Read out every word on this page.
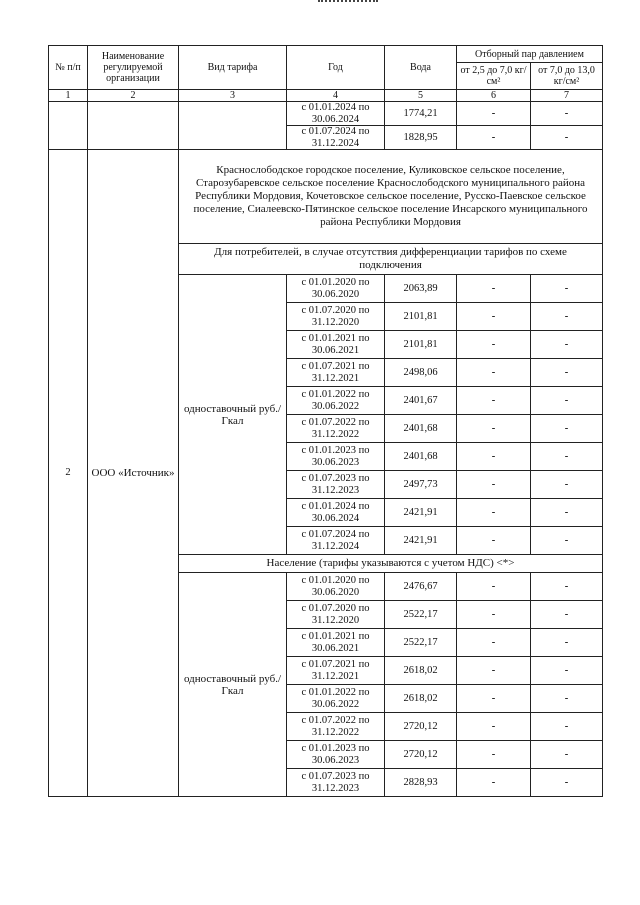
№ п/п	Наименование регулируемой организации	Вид тарифа	Год	Вода	Отборный пар давлением	
					от 2,5 до 7,0 кг/см²	от 7,0 до 13,0 кг/см²
1	2	3	4	5	6	7
			с 01.01.2024 по 30.06.2024	1774,21	-	-
			с 01.07.2024 по 31.12.2024	1828,95	-	-
2	ООО «Источник»	Краснослободское городское поселение, Куликовское сельское поселение, Старозубаревское сельское поселение Краснослободского муниципального района Республики Мордовия, Кочетовское сельское поселение, Русско-Паевское сельское поселение, Сиалеевско-Пятинское сельское поселение Инсарского муниципального района Республики Мордовия				
		Для потребителей, в случае отсутствия дифференциации тарифов по схеме подключения				
		одноставочный руб./Гкал	с 01.01.2020 по 30.06.2020	2063,89	-	-
			с 01.07.2020 по 31.12.2020	2101,81	-	-
			с 01.01.2021 по 30.06.2021	2101,81	-	-
			с 01.07.2021 по 31.12.2021	2498,06	-	-
			с 01.01.2022 по 30.06.2022	2401,67	-	-
			с 01.07.2022 по 31.12.2022	2401,68	-	-
			с 01.01.2023 по 30.06.2023	2401,68	-	-
			с 01.07.2023 по 31.12.2023	2497,73	-	-
			с 01.01.2024 по 30.06.2024	2421,91	-	-
			с 01.07.2024 по 31.12.2024	2421,91	-	-
		Население (тарифы указываются с учетом НДС) <*>				
		одноставочный руб./Гкал	с 01.01.2020 по 30.06.2020	2476,67	-	-
			с 01.07.2020 по 31.12.2020	2522,17	-	-
			с 01.01.2021 по 30.06.2021	2522,17	-	-
			с 01.07.2021 по 31.12.2021	2618,02	-	-
			с 01.01.2022 по 30.06.2022	2618,02	-	-
			с 01.07.2022 по 31.12.2022	2720,12	-	-
			с 01.01.2023 по 30.06.2023	2720,12	-	-
			с 01.07.2023 по 31.12.2023	2828,93	-	-
